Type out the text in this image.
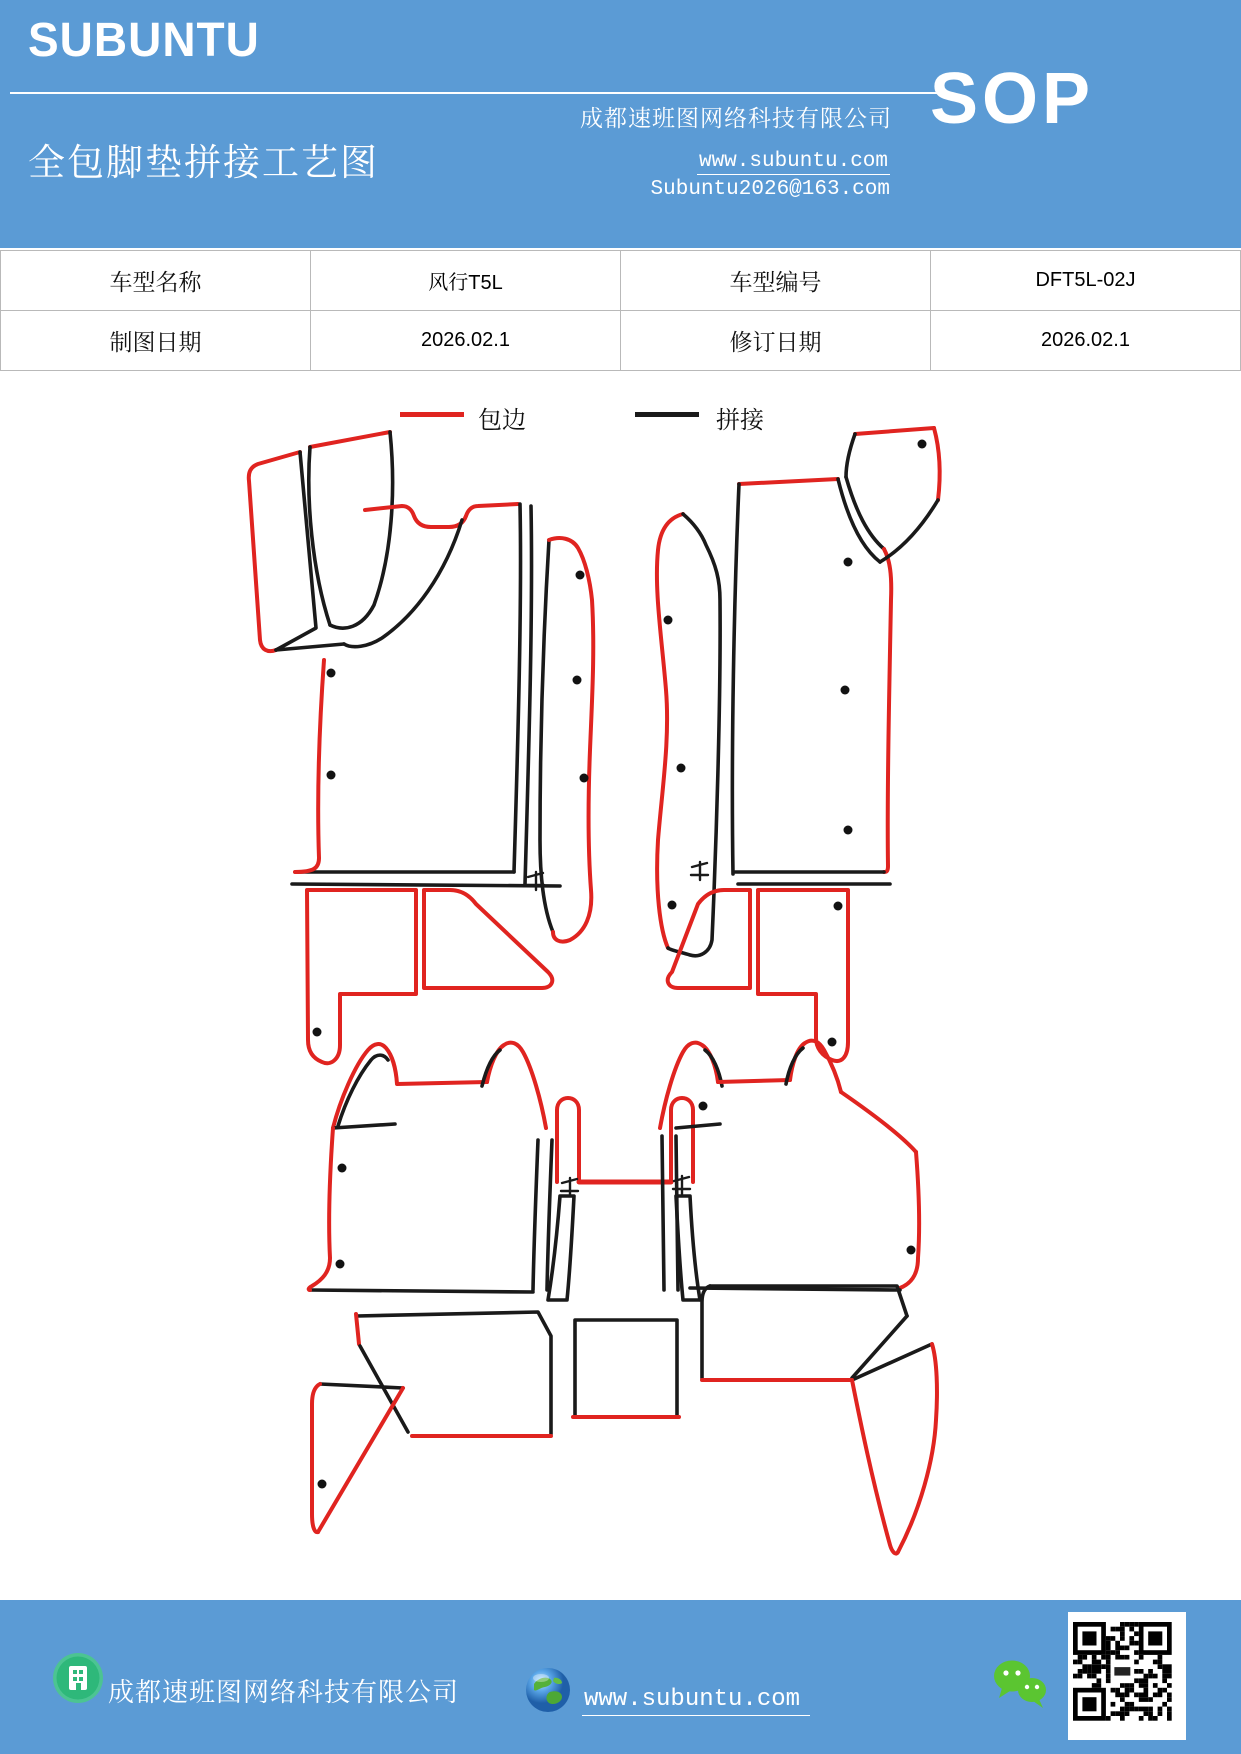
SUBUNTU
全包脚垫拼接工艺图
成都速班图网络科技有限公司
www.subuntu.com
Subuntu2026@163.com
SOP
车型名称	风行T5L	车型编号	DFT5L-02J
制图日期	2026.02.1	修订日期	2026.02.1
包边	拼接
成都速班图网络科技有限公司	www.subuntu.com
